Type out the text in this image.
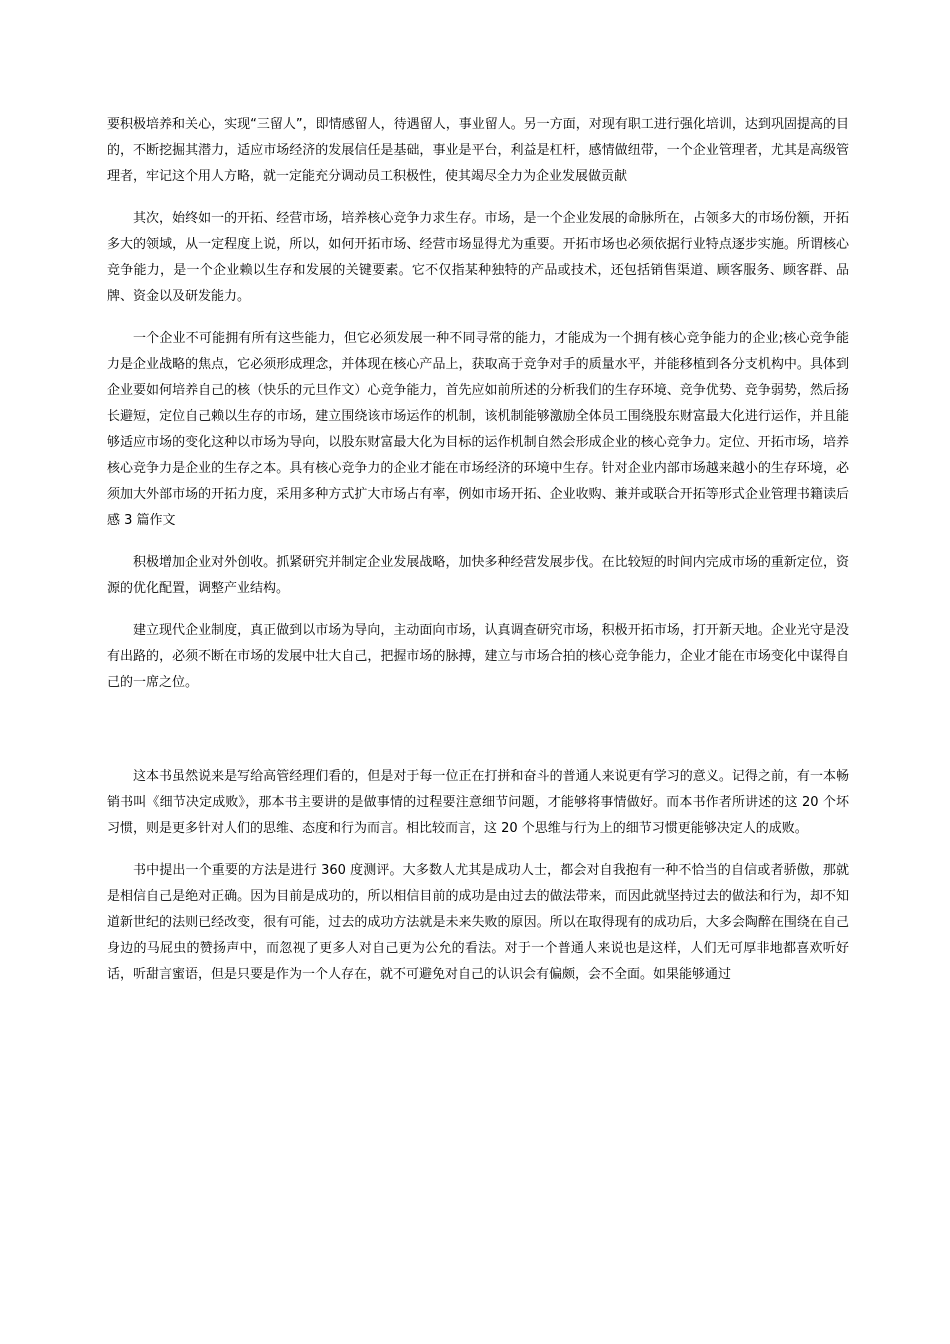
要积极培养和关心，实现“三留人”，即情感留人，待遇留人，事业留人。另一方面，对现有职工进行强化培训，达到巩固提高的目的，不断挖掘其潜力，适应市场经济的发展信任是基础，事业是平台，利益是杠杆，感情做纽带，一个企业管理者，尤其是高级管理者，牢记这个用人方略，就一定能充分调动员工积极性，使其竭尽全力为企业发展做贡献

其次，始终如一的开拓、经营市场，培养核心竞争力求生存。市场，是一个企业发展的命脉所在，占领多大的市场份额，开拓多大的领域，从一定程度上说，所以，如何开拓市场、经营市场显得尤为重要。开拓市场也必须依据行业特点逐步实施。所谓核心竞争能力，是一个企业赖以生存和发展的关键要素。它不仅指某种独特的产品或技术，还包括销售渠道、顾客服务、顾客群、品牌、资金以及研发能力。

一个企业不可能拥有所有这些能力，但它必须发展一种不同寻常的能力，才能成为一个拥有核心竞争能力的企业;核心竞争能力是企业战略的焦点，它必须形成理念，并体现在核心产品上，获取高于竞争对手的质量水平，并能移植到各分支机构中。具体到企业要如何培养自己的核（快乐的元旦作文）心竞争能力，首先应如前所述的分析我们的生存环境、竞争优势、竞争弱势，然后扬长避短，定位自己赖以生存的市场，建立围绕该市场运作的机制，该机制能够激励全体员工围绕股东财富最大化进行运作，并且能够适应市场的变化这种以市场为导向，以股东财富最大化为目标的运作机制自然会形成企业的核心竞争力。定位、开拓市场，培养核心竞争力是企业的生存之本。具有核心竞争力的企业才能在市场经济的环境中生存。针对企业内部市场越来越小的生存环境，必须加大外部市场的开拓力度，采用多种方式扩大市场占有率，例如市场开拓、企业收购、兼并或联合开拓等形式企业管理书籍读后感 3 篇作文

积极增加企业对外创收。抓紧研究并制定企业发展战略，加快多种经营发展步伐。在比较短的时间内完成市场的重新定位，资源的优化配置，调整产业结构。

建立现代企业制度，真正做到以市场为导向，主动面向市场，认真调查研究市场，积极开拓市场，打开新天地。企业光守是没有出路的，必须不断在市场的发展中壮大自己，把握市场的脉搏，建立与市场合拍的核心竞争能力，企业才能在市场变化中谋得自己的一席之位。

这本书虽然说来是写给高管经理们看的，但是对于每一位正在打拼和奋斗的普通人来说更有学习的意义。记得之前，有一本畅销书叫《细节决定成败》，那本书主要讲的是做事情的过程要注意细节问题，才能够将事情做好。而本书作者所讲述的这 20 个坏习惯，则是更多针对人们的思维、态度和行为而言。相比较而言，这 20 个思维与行为上的细节习惯更能够决定人的成败。

书中提出一个重要的方法是进行 360 度测评。大多数人尤其是成功人士，都会对自我抱有一种不恰当的自信或者骄傲，那就是相信自己是绝对正确。因为目前是成功的，所以相信目前的成功是由过去的做法带来，而因此就坚持过去的做法和行为，却不知道新世纪的法则已经改变，很有可能，过去的成功方法就是未来失败的原因。所以在取得现有的成功后，大多会陶醉在围绕在自己身边的马屁虫的赞扬声中，而忽视了更多人对自己更为公允的看法。对于一个普通人来说也是这样，人们无可厚非地都喜欢听好话，听甜言蜜语，但是只要是作为一个人存在，就不可避免对自己的认识会有偏颇，会不全面。如果能够通过
